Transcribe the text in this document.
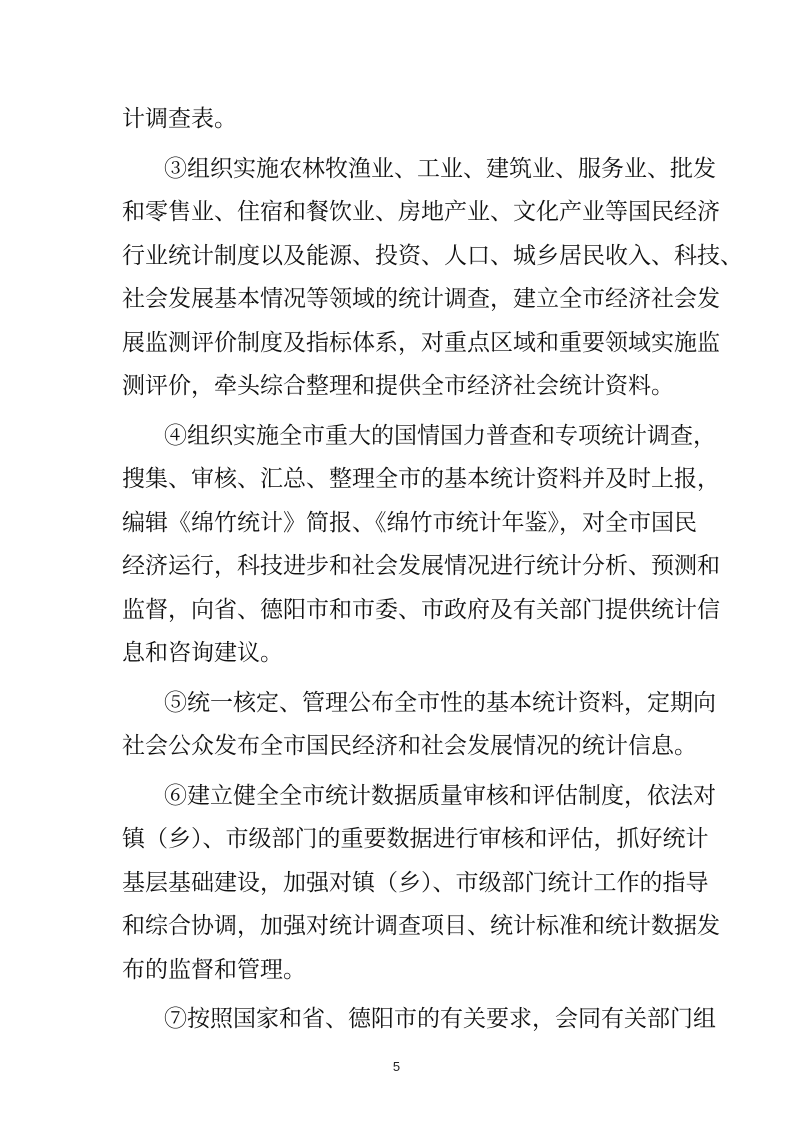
计调查表。
③组织实施农林牧渔业、工业、建筑业、服务业、批发
和零售业、住宿和餐饮业、房地产业、文化产业等国民经济
行业统计制度以及能源、投资、人口、城乡居民收入、科技、
社会发展基本情况等领域的统计调查，建立全市经济社会发
展监测评价制度及指标体系，对重点区域和重要领域实施监
测评价，牵头综合整理和提供全市经济社会统计资料。
④组织实施全市重大的国情国力普查和专项统计调查，
搜集、审核、汇总、整理全市的基本统计资料并及时上报，
编辑《绵竹统计》简报、《绵竹市统计年鉴》，对全市国民
经济运行，科技进步和社会发展情况进行统计分析、预测和
监督，向省、德阳市和市委、市政府及有关部门提供统计信
息和咨询建议。
⑤统一核定、管理公布全市性的基本统计资料，定期向
社会公众发布全市国民经济和社会发展情况的统计信息。
⑥建立健全全市统计数据质量审核和评估制度，依法对
镇（乡）、市级部门的重要数据进行审核和评估，抓好统计
基层基础建设，加强对镇（乡）、市级部门统计工作的指导
和综合协调，加强对统计调查项目、统计标准和统计数据发
布的监督和管理。
⑦按照国家和省、德阳市的有关要求，会同有关部门组
5
